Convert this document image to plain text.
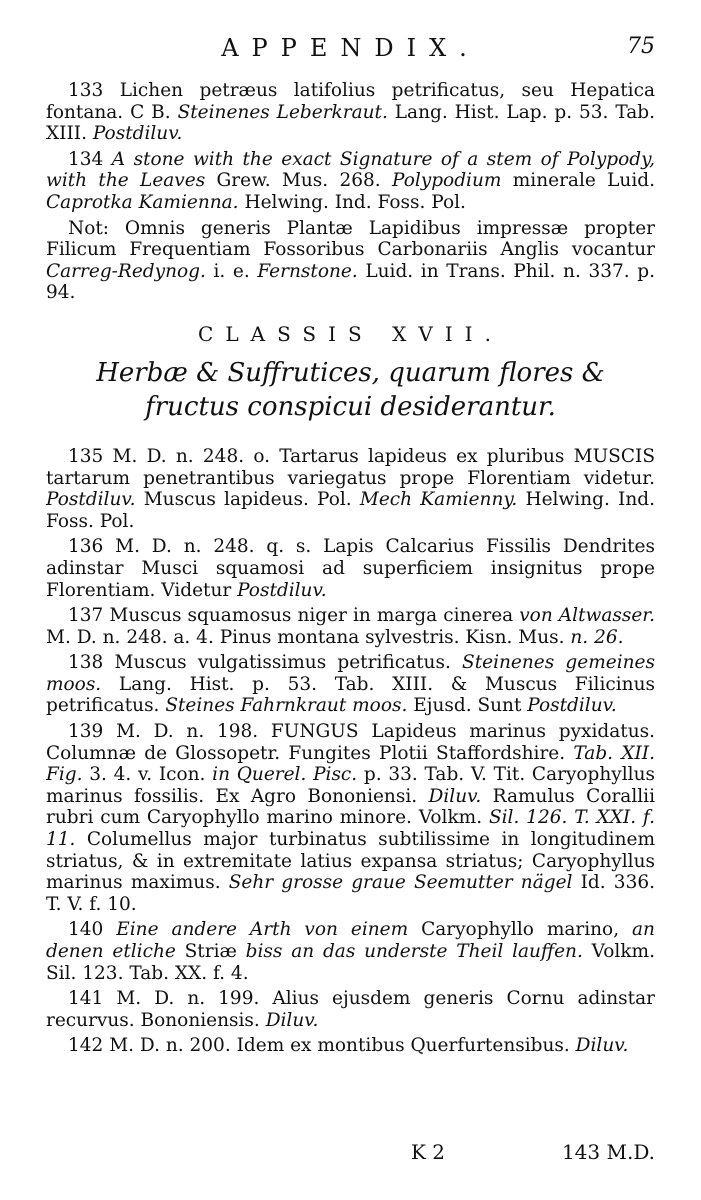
APPENDIX.	75

133 Lichen petræus latifolius petrificatus, seu Hepatica fontana. C B. Steinenes Leberkraut. Lang. Hist. Lap. p. 53. Tab. XIII. Postdiluv.

134 A stone with the exact Signature of a stem of Polypody, with the Leaves Grew. Mus. 268. Polypodium minerale Luid. Caprotka Kamienna. Helwing. Ind. Foss. Pol.

Not: Omnis generis Plantæ Lapidibus impressæ propter Filicum Frequentiam Fossoribus Carbonariis Anglis vocantur Carreg-Redynog. i. e. Fernstone. Luid. in Trans. Phil. n. 337. p. 94.

CLASSIS XVII.
Herbæ & Suffrutices, quarum flores & fructus conspicui desiderantur.

135 M. D. n. 248. o. Tartarus lapideus ex pluribus MUSCIS tartarum penetrantibus variegatus prope Florentiam videtur. Postdiluv. Muscus lapideus. Pol. Mech Kamienny. Helwing. Ind. Foss. Pol.

136 M. D. n. 248. q. s. Lapis Calcarius Fissilis Dendrites adinstar Musci squamosi ad superficiem insignitus prope Florentiam. Videtur Postdiluv.

137 Muscus squamosus niger in marga cinerea von Altwasser. M. D. n. 248. a. 4. Pinus montana sylvestris. Kisn. Mus. n. 26.

138 Muscus vulgatissimus petrificatus. Steinenes gemeines moos. Lang. Hist. p. 53. Tab. XIII. & Muscus Filicinus petrificatus. Steines Fahrnkraut moos. Ejusd. Sunt Postdiluv.

139 M. D. n. 198. FUNGUS Lapideus marinus pyxidatus. Columnæ de Glossopetr. Fungites Plotii Staffordshire. Tab. XII. Fig. 3. 4. v. Icon. in Querel. Pisc. p. 33. Tab. V. Tit. Caryophyllus marinus fossilis. Ex Agro Bononiensi. Diluv. Ramulus Corallii rubri cum Caryophyllo marino minore. Volkm. Sil. 126. T. XXI. f. 11. Columellus major turbinatus subtilissime in longitudinem striatus, & in extremitate latius expansa striatus; Caryophyllus marinus maximus. Sehr grosse graue Seemutter nägel Id. 336. T. V. f. 10.

140 Eine andere Arth von einem Caryophyllo marino, an denen etliche Striæ biss an das underste Theil lauffen. Volkm. Sil. 123. Tab. XX. f. 4.

141 M. D. n. 199. Alius ejusdem generis Cornu adinstar recurvus. Bononiensis. Diluv.

142 M. D. n. 200. Idem ex montibus Querfurtensibus. Diluv.

K 2	143 M.D.
